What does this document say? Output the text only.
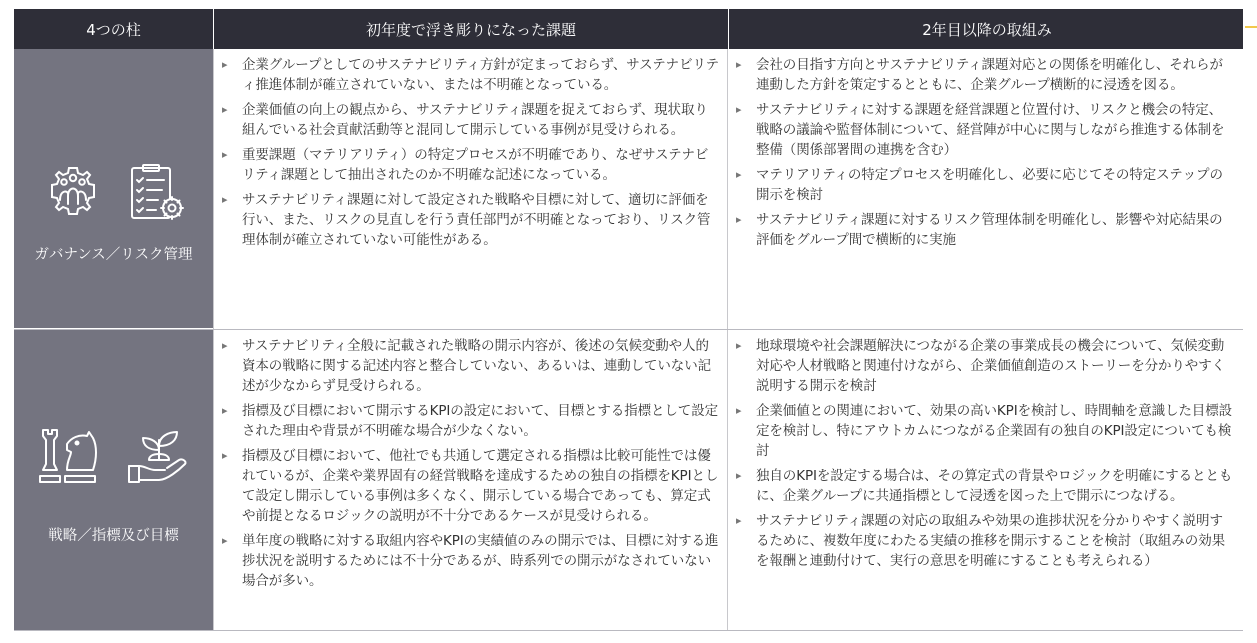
4つの柱	初年度で浮き彫りになった課題	2年目以降の取組み
ガバナンス／リスク管理
▸ 企業グループとしてのサステナビリティ方針が定まっておらず、サステナビリティ推進体制が確立されていない、または不明確となっている。
▸ 企業価値の向上の観点から、サステナビリティ課題を捉えておらず、現状取り組んでいる社会貢献活動等と混同して開示している事例が見受けられる。
▸ 重要課題（マテリアリティ）の特定プロセスが不明確であり、なぜサステナビリティ課題として抽出されたのか不明確な記述になっている。
▸ サステナビリティ課題に対して設定された戦略や目標に対して、適切に評価を行い、また、リスクの見直しを行う責任部門が不明確となっており、リスク管理体制が確立されていない可能性がある。
▸ 会社の目指す方向とサステナビリティ課題対応との関係を明確化し、それらが連動した方針を策定するとともに、企業グループ横断的に浸透を図る。
▸ サステナビリティに対する課題を経営課題と位置付け、リスクと機会の特定、戦略の議論や監督体制について、経営陣が中心に関与しながら推進する体制を整備（関係部署間の連携を含む）
▸ マテリアリティの特定プロセスを明確化し、必要に応じてその特定ステップの開示を検討
▸ サステナビリティ課題に対するリスク管理体制を明確化し、影響や対応結果の評価をグループ間で横断的に実施
戦略／指標及び目標
▸ サステナビリティ全般に記載された戦略の開示内容が、後述の気候変動や人的資本の戦略に関する記述内容と整合していない、あるいは、連動していない記述が少なからず見受けられる。
▸ 指標及び目標において開示するKPIの設定において、目標とする指標として設定された理由や背景が不明確な場合が少なくない。
▸ 指標及び目標において、他社でも共通して選定される指標は比較可能性では優れているが、企業や業界固有の経営戦略を達成するための独自の指標をKPIとして設定し開示している事例は多くなく、開示している場合であっても、算定式や前提となるロジックの説明が不十分であるケースが見受けられる。
▸ 単年度の戦略に対する取組内容やKPIの実績値のみの開示では、目標に対する進捗状況を説明するためには不十分であるが、時系列での開示がなされていない場合が多い。
▸ 地球環境や社会課題解決につながる企業の事業成長の機会について、気候変動対応や人材戦略と関連付けながら、企業価値創造のストーリーを分かりやすく説明する開示を検討
▸ 企業価値との関連において、効果の高いKPIを検討し、時間軸を意識した目標設定を検討し、特にアウトカムにつながる企業固有の独自のKPI設定についても検討
▸ 独自のKPIを設定する場合は、その算定式の背景やロジックを明確にするとともに、企業グループに共通指標として浸透を図った上で開示につなげる。
▸ サステナビリティ課題の対応の取組みや効果の進捗状況を分かりやすく説明するために、複数年度にわたる実績の推移を開示することを検討（取組みの効果を報酬と連動付けて、実行の意思を明確にすることも考えられる）
